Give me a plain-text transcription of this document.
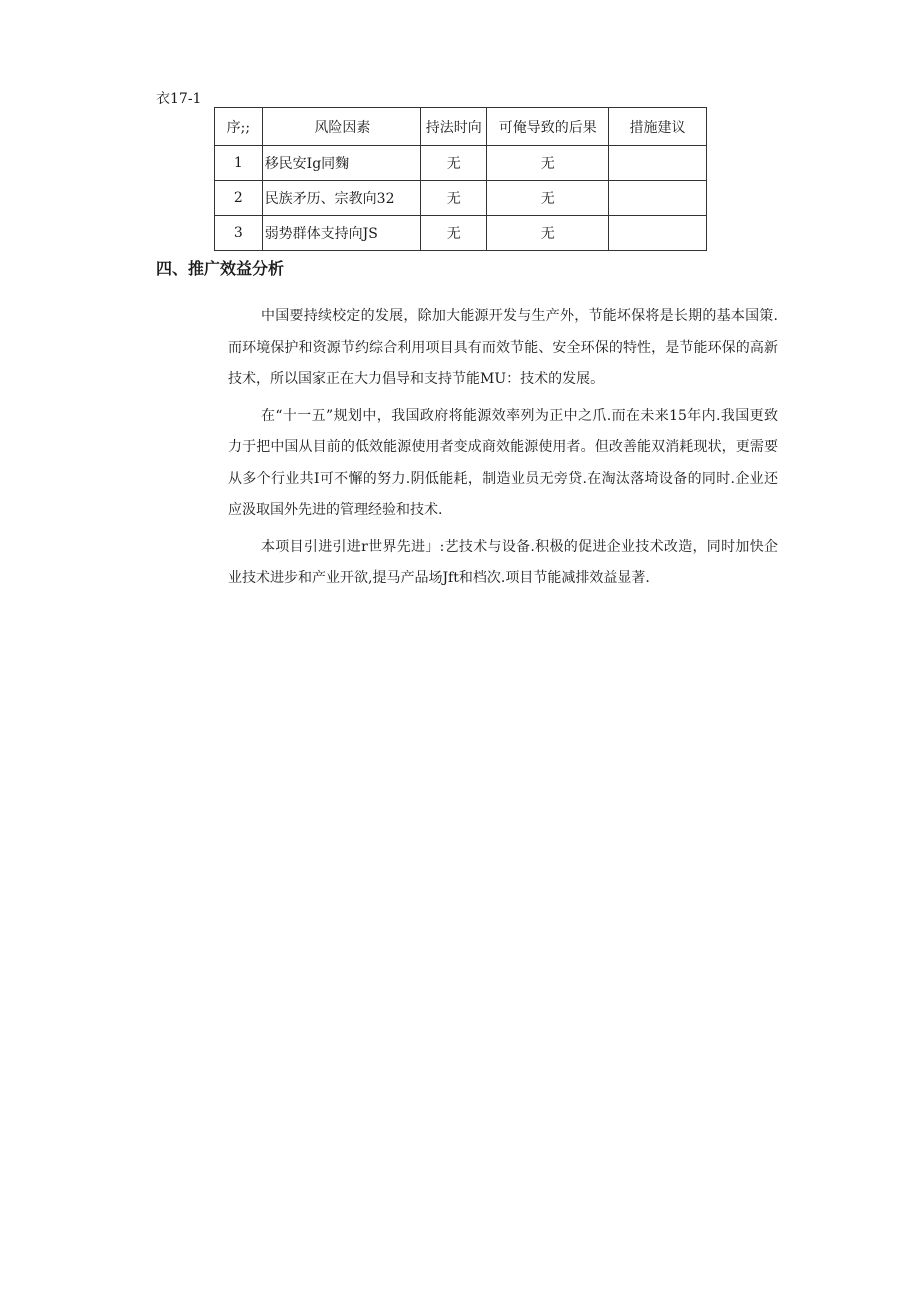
衣17-1
序;;	风险因素	持法时向	可俺导致的后果	措施建议
1	移民安Ig同麴	无	无	
2	民族矛历、宗教向32	无	无	
3	弱势群体支持向JS	无	无	
四、推广效益分析

中国要持续校定的发展，除加大能源开发与生产外，节能坏保将是长期的基本国策.而环境保护和资源节约综合利用项目具有而效节能、安全环保的特性，是节能环保的高新技术，所以国家正在大力倡导和支持节能MU：技术的发展。

在“十一五”规划中，我国政府将能源效率列为正中之爪.而在未来15年内.我国更致力于把中国从目前的低效能源使用者变成商效能源使用者。但改善能双消耗现状，更需要从多个行业共I可不懈的努力.阴低能耗，制造业员无旁贷.在淘汰落埼设备的同时.企业还应汲取国外先进的管理经验和技术.

本项目引进引进r世界先进」:艺技术与设备.积极的促进企业技术改造，同时加快企业技术进步和产业开欲,提马产品场Jft和档次.项目节能减排效益显著.
